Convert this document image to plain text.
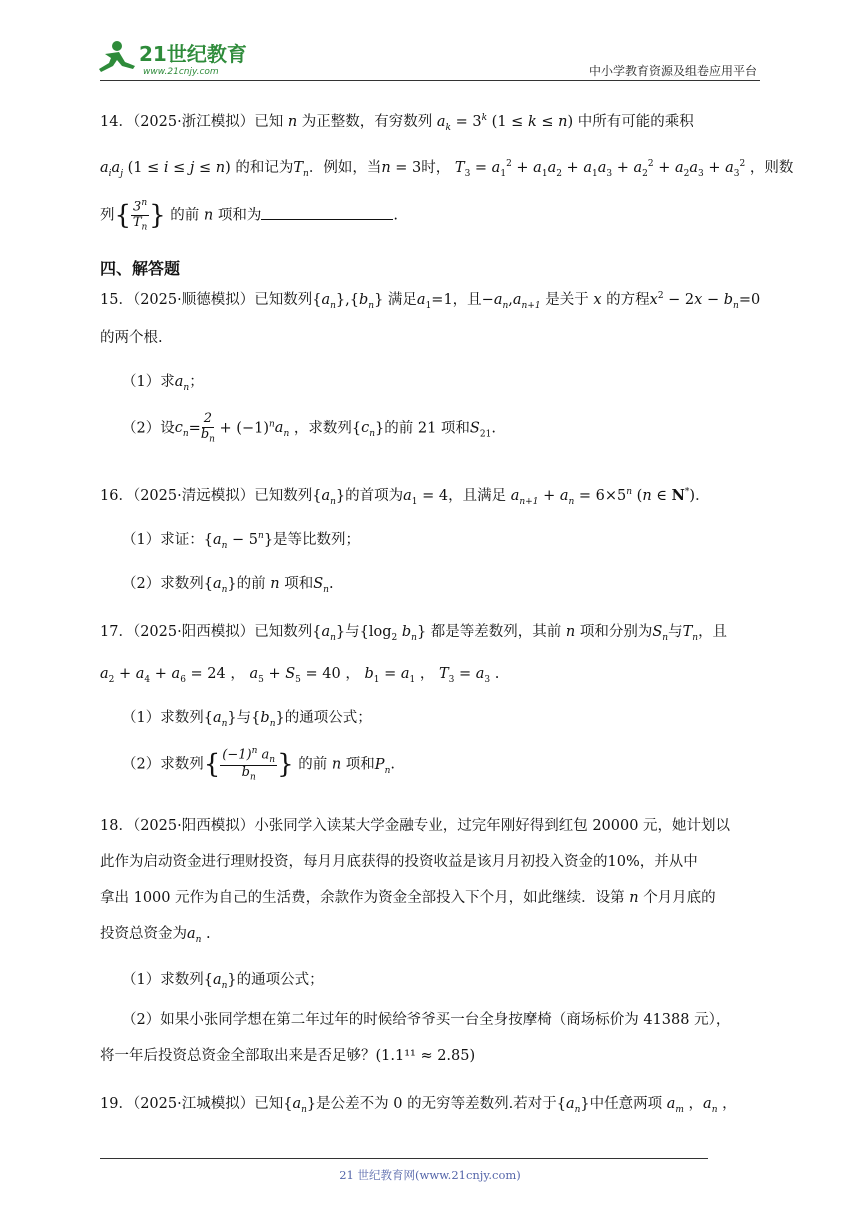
21世纪教育
www.21cnjy.com	中小学教育资源及组卷应用平台
14．（2025·浙江模拟）已知 n 为正整数，有穷数列 $a_k = 3^k$ (1 ≤ k ≤ n) 中所有可能的乘积
$a_ia_j$ (1 ≤ i ≤ j ≤ n) 的和记为$T_n$．例如，当n = 3时， $T_3 = a_1^2 + a_1a_2 + a_1a_3 + a_2^2 + a_2a_3 + a_3^2$ ，则数
列{ $\frac{3^n}{T_n}$ } 的前 n 项和为	.
四、解答题
15．（2025·顺德模拟）已知数列$\{a_n\},\{b_n\}$ 满足$a_1=1$，且$-a_n,a_{n+1}$ 是关于 x 的方程$x^2 - 2x - b_n=0$
的两个根.
（1）求$a_n$；
（2）设$c_n= \frac{2}{b_n} + (-1)^na_n$ ，求数列$\{c_n\}$的前 21 项和$S_{21}$.
16．（2025·清远模拟）已知数列$\{a_n\}$的首项为$a_1 = 4$，且满足 $a_{n+1} + a_n = 6\times 5^n$ (n ∈ N*)．
（1）求证：$\{a_n - 5^n\}$是等比数列；
（2）求数列$\{a_n\}$的前 n 项和$S_n$.
17．（2025·阳西模拟）已知数列$\{a_n\}$与{$\log_2$ $b_n$} 都是等差数列，其前 n 项和分别为$S_n$与$T_n$，且
$a_2 + a_4 + a_6 = 24$ ， $a_5 + S_5 = 40$ ， $b_1 = a_1$ ， $T_3 = a_3$ .
（1）求数列$\{a_n\}$与$\{b_n\}$的通项公式；
（2）求数列{ $\frac{(-1)^n a_n}{b_n}$ } 的前 n 项和$P_n$.
18．（2025·阳西模拟）小张同学入读某大学金融专业，过完年刚好得到红包 20000 元，她计划以
此作为启动资金进行理财投资，每月月底获得的投资收益是该月月初投入资金的10%，并从中
拿出 1000 元作为自己的生活费，余款作为资金全部投入下个月，如此继续．设第 n 个月月底的
投资总资金为$a_n$ .
（1）求数列$\{a_n\}$的通项公式；
（2）如果小张同学想在第二年过年的时候给爷爷买一台全身按摩椅（商场标价为 41388 元），
将一年后投资总资金全部取出来是否足够？(1.1¹¹ ≈ 2.85)
19．（2025·江城模拟）已知$\{a_n\}$是公差不为 0 的无穷等差数列.若对于$\{a_n\}$中任意两项 $a_m$ ，$a_n$ ，
21 世纪教育网(www.21cnjy.com)
